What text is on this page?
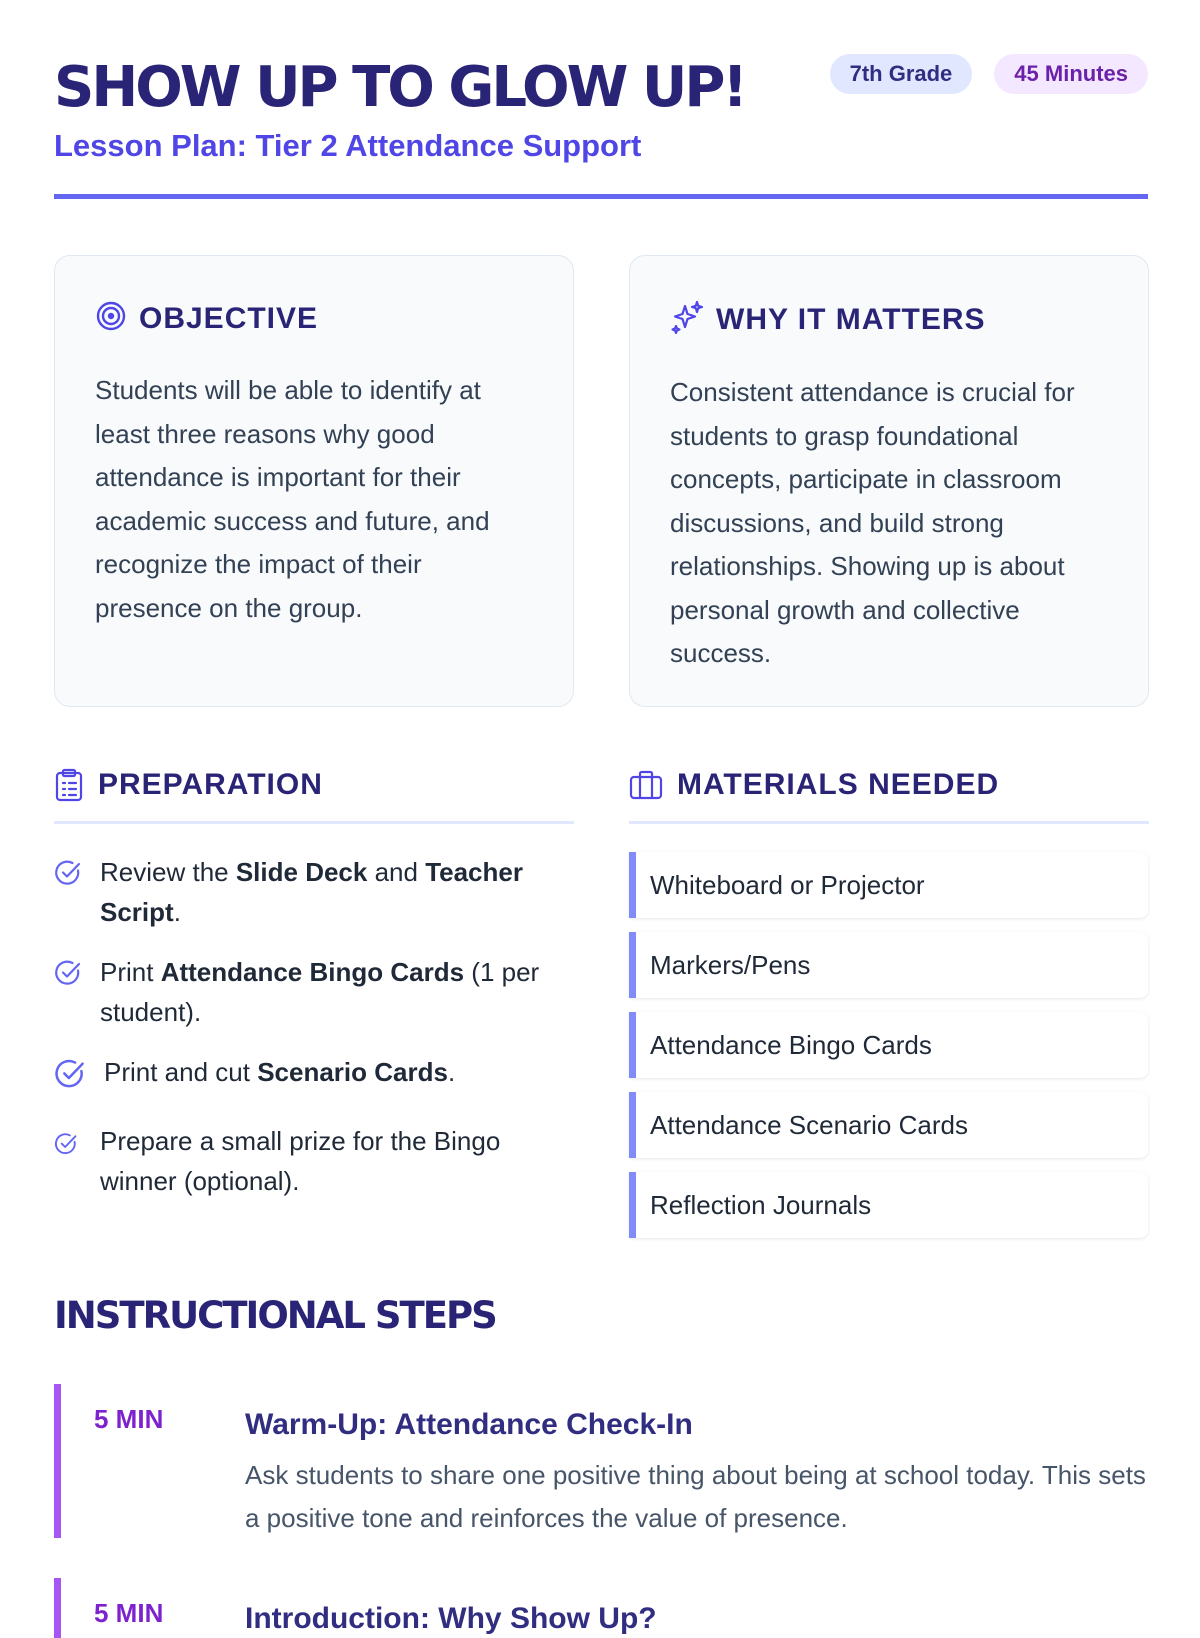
SHOW UP TO GLOW UP!
Lesson Plan: Tier 2 Attendance Support
7th Grade	45 Minutes
OBJECTIVE

Students will be able to identify at least three reasons why good attendance is important for their academic success and future, and recognize the impact of their presence on the group.

WHY IT MATTERS

Consistent attendance is crucial for students to grasp foundational concepts, participate in classroom discussions, and build strong relationships. Showing up is about personal growth and collective success.

PREPARATION	MATERIALS NEEDED
Review the Slide Deck and Teacher Script.
Print Attendance Bingo Cards (1 per student).
Print and cut Scenario Cards.
Prepare a small prize for the Bingo winner (optional).
Whiteboard or Projector
Markers/Pens
Attendance Bingo Cards
Attendance Scenario Cards
Reflection Journals
INSTRUCTIONAL STEPS
5 MIN	Warm-Up: Attendance Check-In
Ask students to share one positive thing about being at school today. This sets a positive tone and reinforces the value of presence.
5 MIN	Introduction: Why Show Up?
